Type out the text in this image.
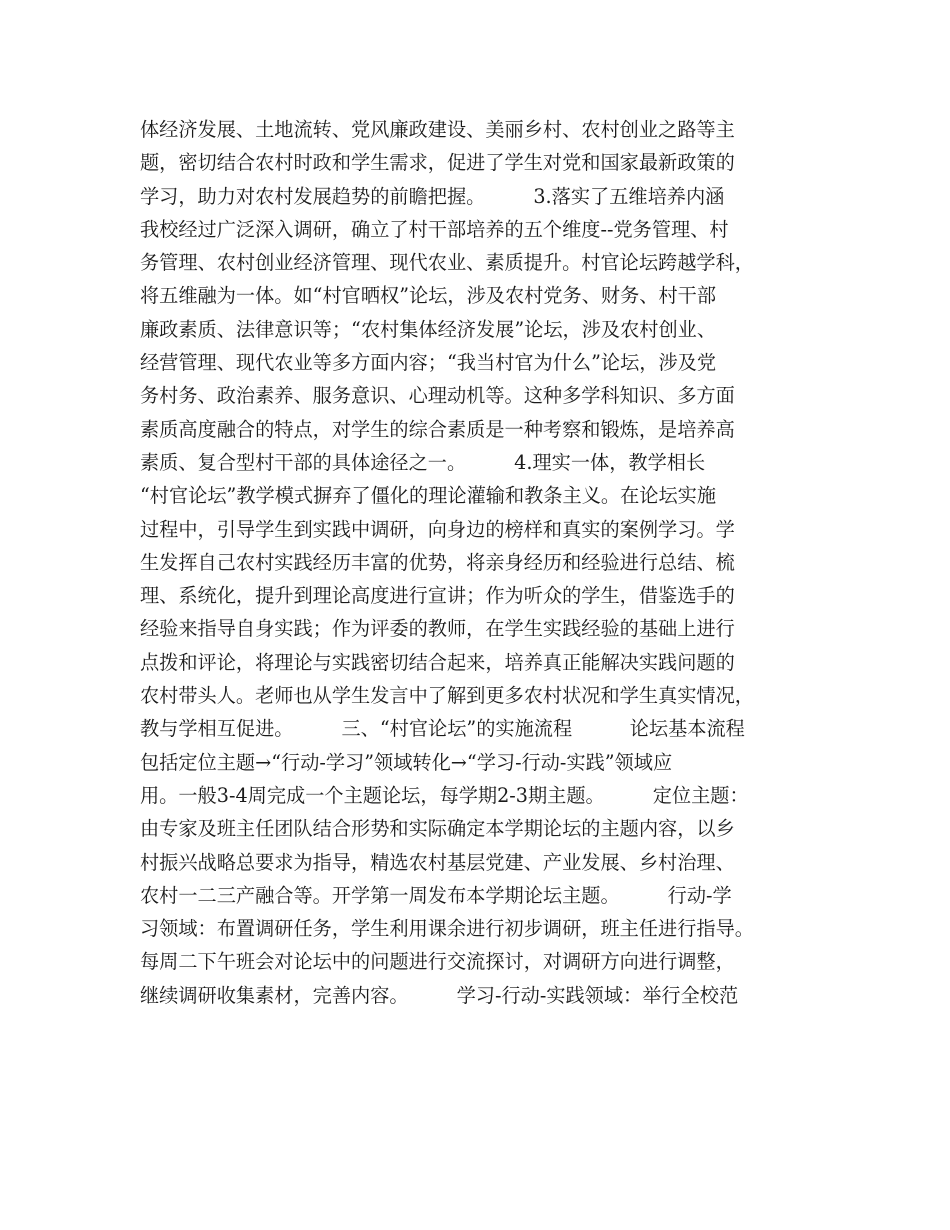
体经济发展、土地流转、党风廉政建设、美丽乡村、农村创业之路等主
题，密切结合农村时政和学生需求，促进了学生对党和国家最新政策的
学习，助力对农村发展趋势的前瞻把握。　　　3.落实了五维培养内涵
我校经过广泛深入调研，确立了村干部培养的五个维度--党务管理、村
务管理、农村创业经济管理、现代农业、素质提升。村官论坛跨越学科，
将五维融为一体。如“村官晒权”论坛，涉及农村党务、财务、村干部
廉政素质、法律意识等；“农村集体经济发展”论坛，涉及农村创业、
经营管理、现代农业等多方面内容；“我当村官为什么”论坛，涉及党
务村务、政治素养、服务意识、心理动机等。这种多学科知识、多方面
素质高度融合的特点，对学生的综合素质是一种考察和锻炼，是培养高
素质、复合型村干部的具体途径之一。　　　4.理实一体，教学相长
“村官论坛”教学模式摒弃了僵化的理论灌输和教条主义。在论坛实施
过程中，引导学生到实践中调研，向身边的榜样和真实的案例学习。学
生发挥自己农村实践经历丰富的优势，将亲身经历和经验进行总结、梳
理、系统化，提升到理论高度进行宣讲；作为听众的学生，借鉴选手的
经验来指导自身实践；作为评委的教师，在学生实践经验的基础上进行
点拨和评论，将理论与实践密切结合起来，培养真正能解决实践问题的
农村带头人。老师也从学生发言中了解到更多农村状况和学生真实情况，
教与学相互促进。　　　三、“村官论坛”的实施流程　　　论坛基本流程
包括定位主题→“行动-学习”领域转化→“学习-行动-实践”领域应
用。一般3-4周完成一个主题论坛，每学期2-3期主题。　　　定位主题：
由专家及班主任团队结合形势和实际确定本学期论坛的主题内容，以乡
村振兴战略总要求为指导，精选农村基层党建、产业发展、乡村治理、
农村一二三产融合等。开学第一周发布本学期论坛主题。　　　行动-学
习领域：布置调研任务，学生利用课余进行初步调研，班主任进行指导。
每周二下午班会对论坛中的问题进行交流探讨，对调研方向进行调整，
继续调研收集素材，完善内容。　　　学习-行动-实践领域：举行全校范
